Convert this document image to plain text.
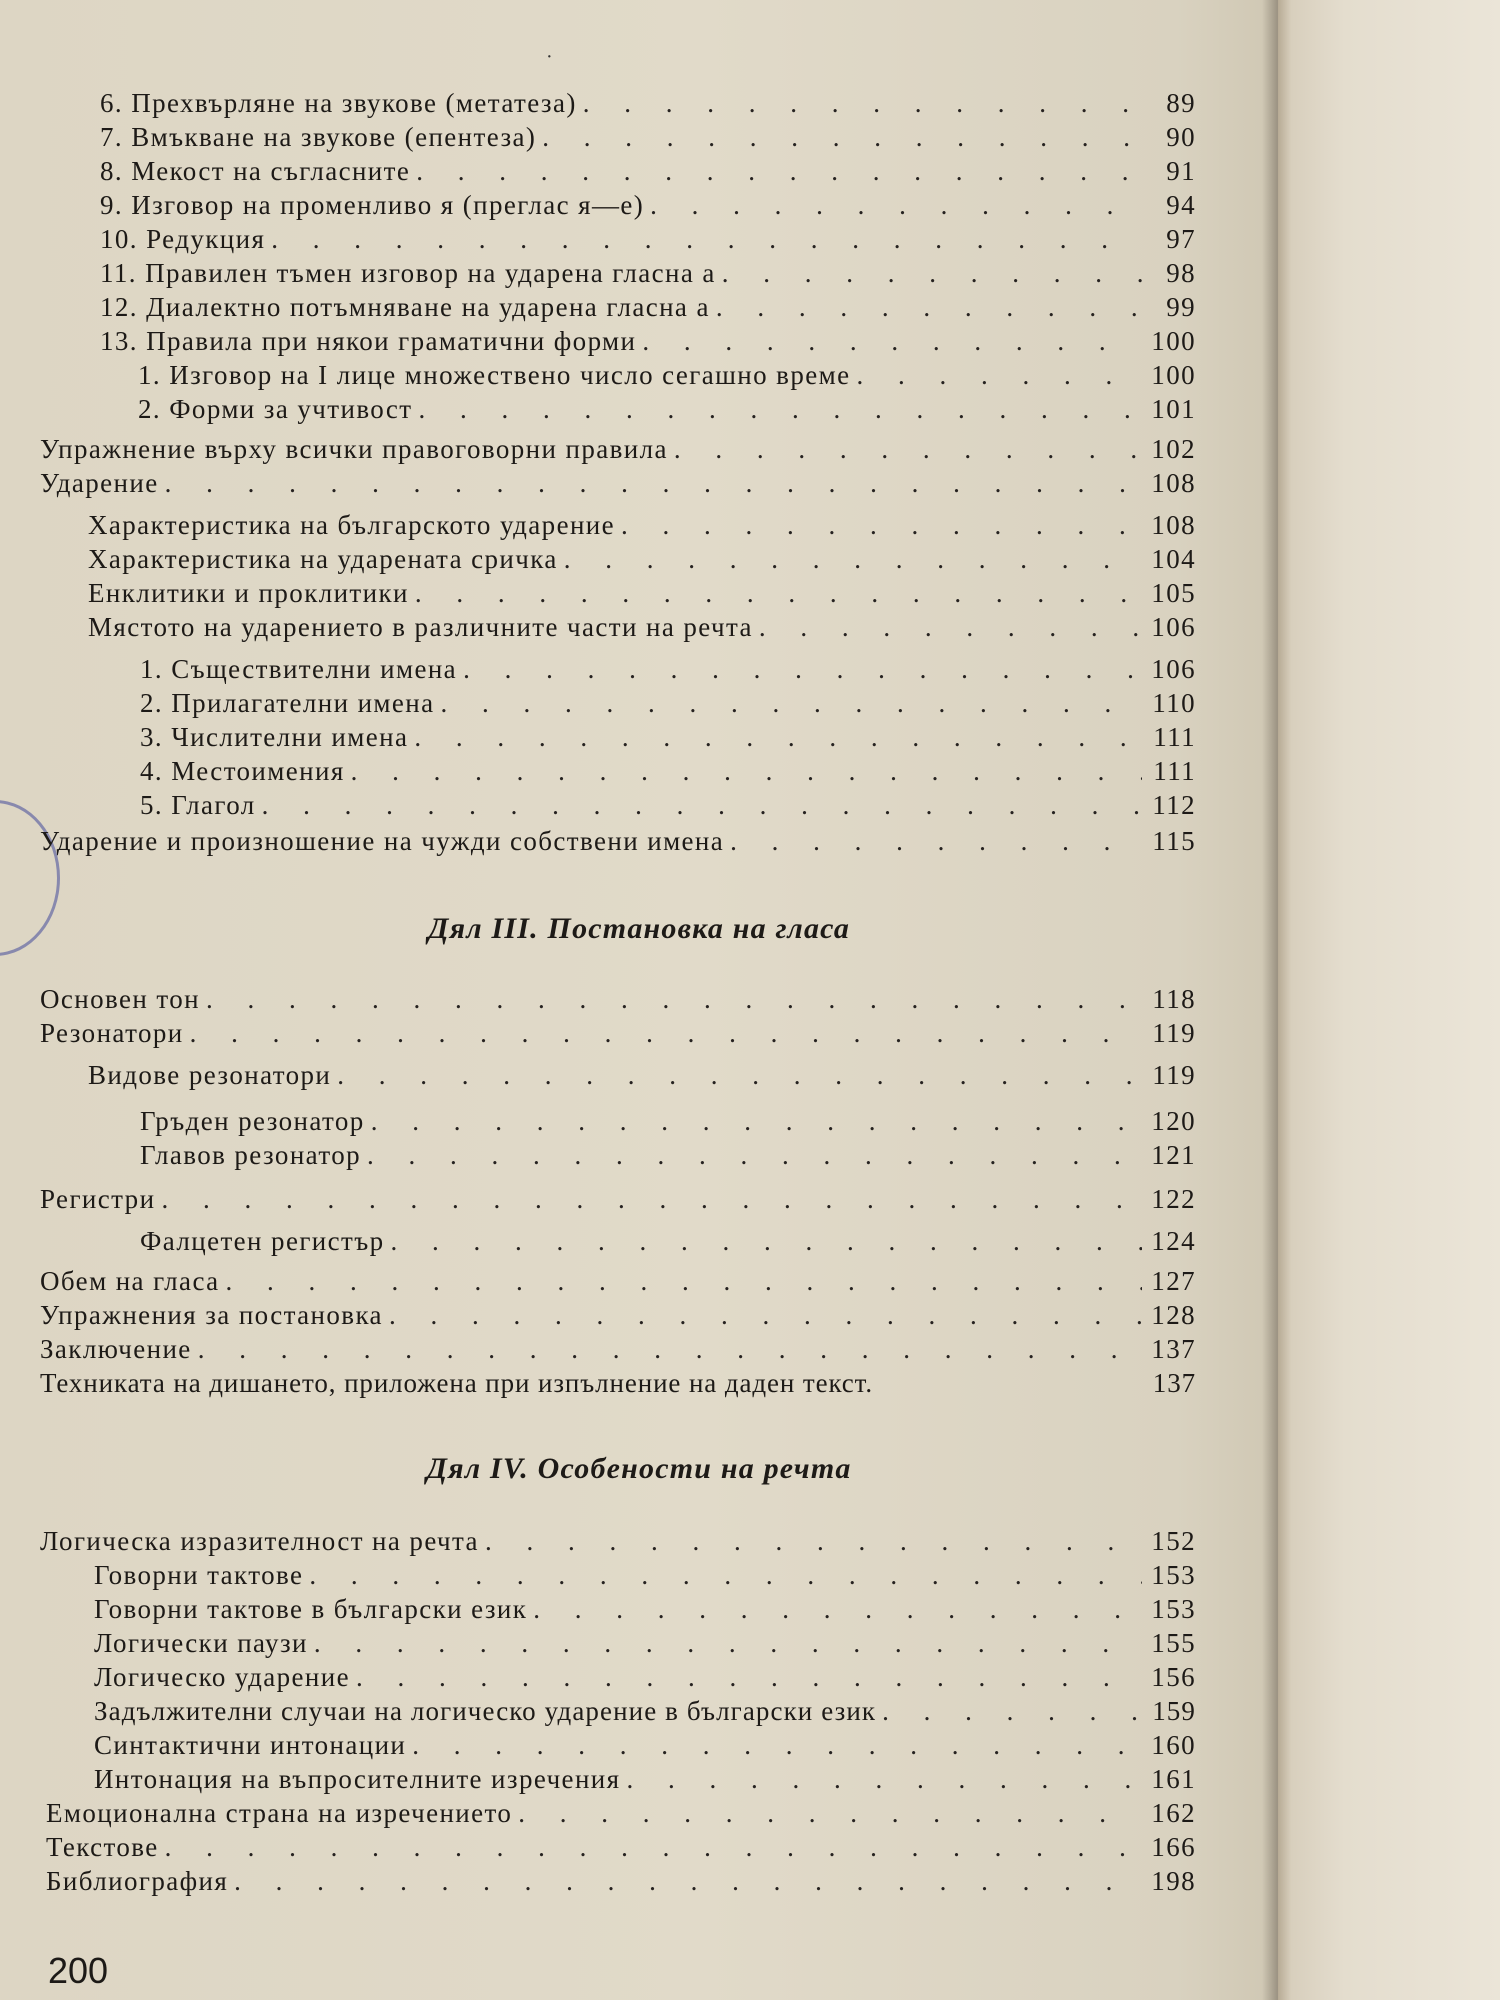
·
6. Прехвърляне на звукове (метатеза) . . .	89
7. Вмъкване на звукове (епентеза) . . .	90
8. Мекост на съгласните . . .	91
9. Изговор на променливо я (преглас я—е) . . .	94
10. Редукция . . .	97
11. Правилен тъмен изговор на ударена гласна а . . .	98
12. Диалектно потъмняване на ударена гласна а . . .	99
13. Правила при някои граматични форми . . .	100
1. Изговор на I лице множествено число сегашно време . . .	100
2. Форми за учтивост . . .	101
Упражнение върху всички правоговорни правила . . .	102
Ударение . . .	108
Характеристика на българското ударение . . .	108
Характеристика на ударената сричка . . .	104
Енклитики и проклитики . . .	105
Мястото на ударението в различните части на речта . . .	106
1. Съществителни имена . . .	106
2. Прилагателни имена . . .	110
3. Числителни имена . . .	111
4. Местоимения . . .	111
5. Глагол . . .	112
Ударение и произношение на чужди собствени имена . . .	115
Дял III. Постановка на гласа
Основен тон . . .	118
Резонатори . . .	119
Видове резонатори . . .	119
Гръден резонатор . . .	120
Главов резонатор . . .	121
Регистри . . .	122
Фалцетен регистър . . .	124
Обем на гласа . . .	127
Упражнения за постановка . . .	128
Заключение . . .	137
Техниката на дишането, приложена при изпълнение на даден текст.	137
Дял IV. Особености на речта
Логическа изразителност на речта . . .	152
Говорни тактове . . .	153
Говорни тактове в български език . . .	153
Логически паузи . . .	155
Логическо ударение . . .	156
Задължителни случаи на логическо ударение в български език . . .	159
Синтактични интонации . . .	160
Интонация на въпросителните изречения . . .	161
Емоционална страна на изречението . . .	162
Текстове . . .	166
Библиография . . .	198
200
